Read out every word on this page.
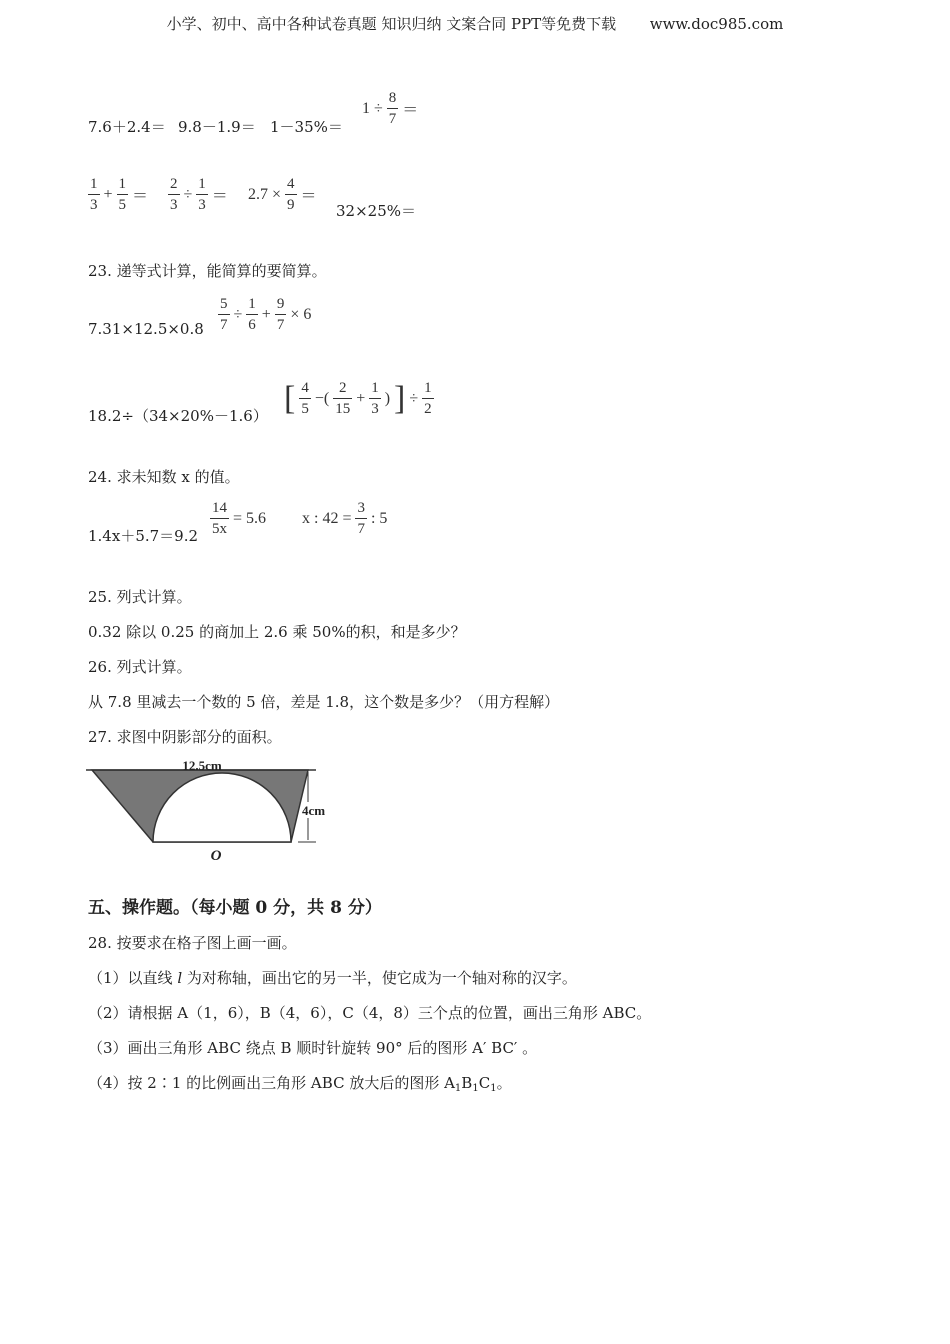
小学、初中、高中各种试卷真题 知识归纳 文案合同 PPT等免费下载 www.doc985.com
7.6＋2.4＝ 9.8－1.9＝ 1－35%＝
$1 \div \frac{8}{7}$ ＝
$\frac{1}{3} + \frac{1}{5} = \frac{2}{3} \div \frac{1}{3} = 2.7 \times \frac{4}{9}$ ＝
32×25%＝
23. 递等式计算，能简算的要简算。
$7.31\times 12.5\times 0.8 \frac{5}{7} \div \frac{1}{6} + \frac{9}{7} \times 6$
18.2÷（34×20%－1.6） [ $\frac{4}{5}$ −( $\frac{2}{15} + \frac{1}{3}$ ) ] ÷ $\frac{1}{2}$
24. 求未知数 x 的值。
$1.4x+5.7=9.2 \frac{14}{5x} = 5.6$ x : $42 = \frac{3}{7}$ : 5
25. 列式计算。
0.32 除以 0.25 的商加上 2.6 乘 50%的积，和是多少？
26. 列式计算。
从 7.8 里减去一个数的 5 倍，差是 1.8，这个数是多少？（用方程解）
27. 求图中阴影部分的面积。
12.5cm
4cm
O
五、操作题。（每小题 0 分，共 8 分）
28. 按要求在格子图上画一画。
（1）以直线 l 为对称轴，画出它的另一半，使它成为一个轴对称的汉字。
（2）请根据 A（1，6），B（4，6），C（4，8）三个点的位置，画出三角形 ABC。
（3）画出三角形 ABC 绕点 B 顺时针旋转 90° 后的图形 A′ BC′ 。
（4）按 2∶1 的比例画出三角形 ABC 放大后的图形 $A_1B_1C_1$。
